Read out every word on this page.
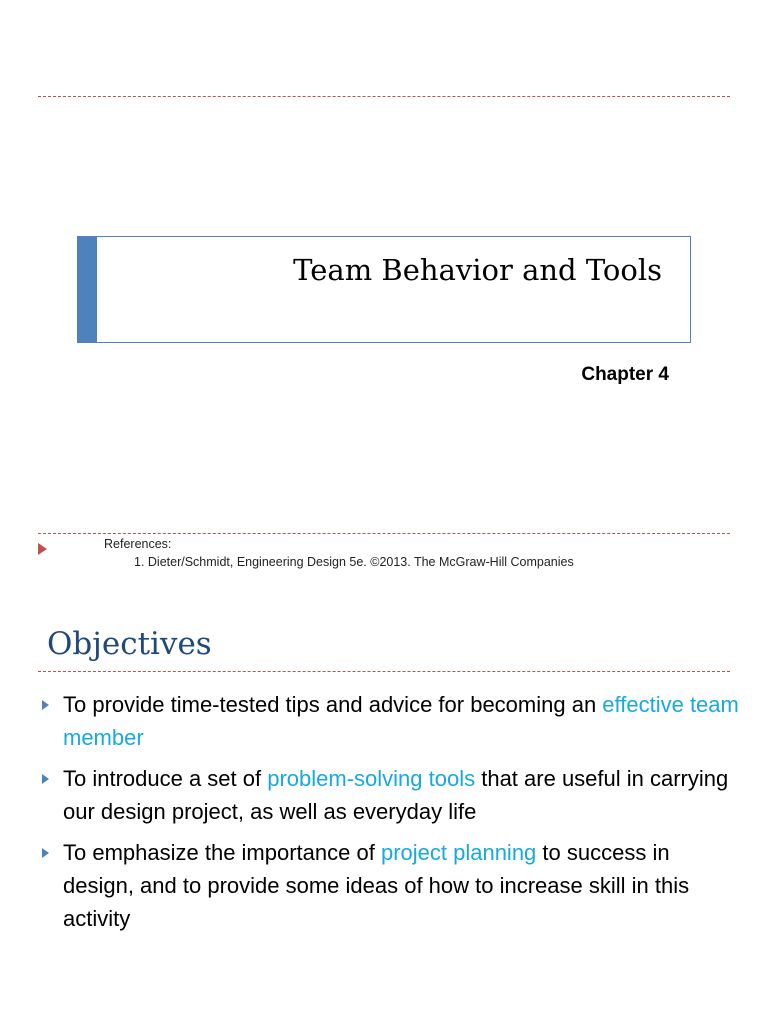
Team Behavior and Tools
Chapter 4
References:
1. Dieter/Schmidt, Engineering Design 5e. ©2013. The McGraw-Hill Companies
Objectives
To provide time-tested tips and advice for becoming an effective team member
To introduce a set of problem-solving tools that are useful in carrying our design project, as well as everyday life
To emphasize the importance of project planning to success in design, and to provide some ideas of how to increase skill in this activity
